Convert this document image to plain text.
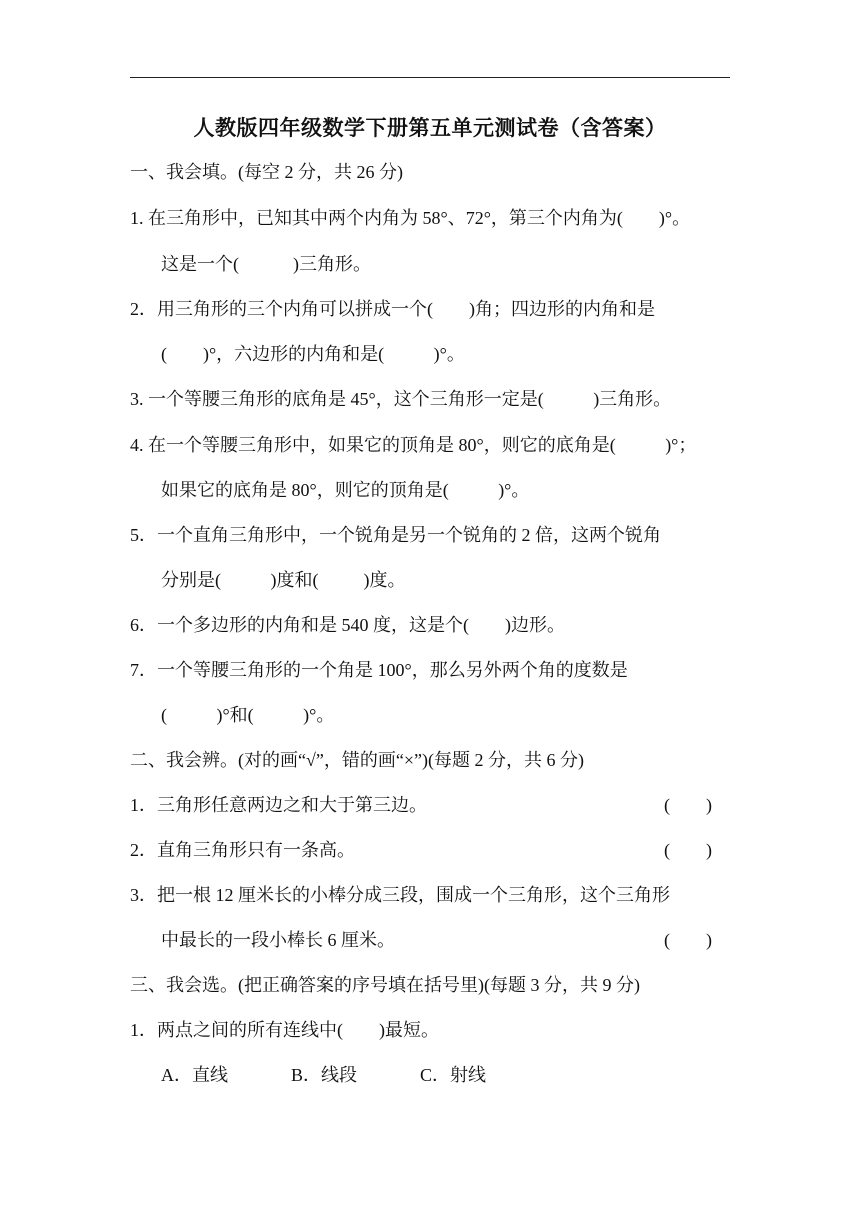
人教版四年级数学下册第五单元测试卷（含答案）
一、我会填。(每空 2 分，共 26 分)
1. 在三角形中，已知其中两个内角为 58°、72°，第三个内角为(        )°。
这是一个(            )三角形。
2．用三角形的三个内角可以拼成一个(        )角；四边形的内角和是
(        )°，六边形的内角和是(           )°。
3. 一个等腰三角形的底角是 45°，这个三角形一定是(           )三角形。
4. 在一个等腰三角形中，如果它的顶角是 80°，则它的底角是(           )°；
如果它的底角是 80°，则它的顶角是(           )°。
5．一个直角三角形中，一个锐角是另一个锐角的 2 倍，这两个锐角
分别是(           )度和(          )度。
6．一个多边形的内角和是 540 度，这是个(        )边形。
7．一个等腰三角形的一个角是 100°，那么另外两个角的度数是
(           )°和(           )°。
二、我会辨。(对的画“√”，错的画“×”)(每题 2 分，共 6 分)
1．三角形任意两边之和大于第三边。	(        )
2．直角三角形只有一条高。	(        )
3．把一根 12 厘米长的小棒分成三段，围成一个三角形，这个三角形
中最长的一段小棒长 6 厘米。	(        )
三、我会选。(把正确答案的序号填在括号里)(每题 3 分，共 9 分)
1．两点之间的所有连线中(        )最短。
A．直线              B．线段              C．射线
